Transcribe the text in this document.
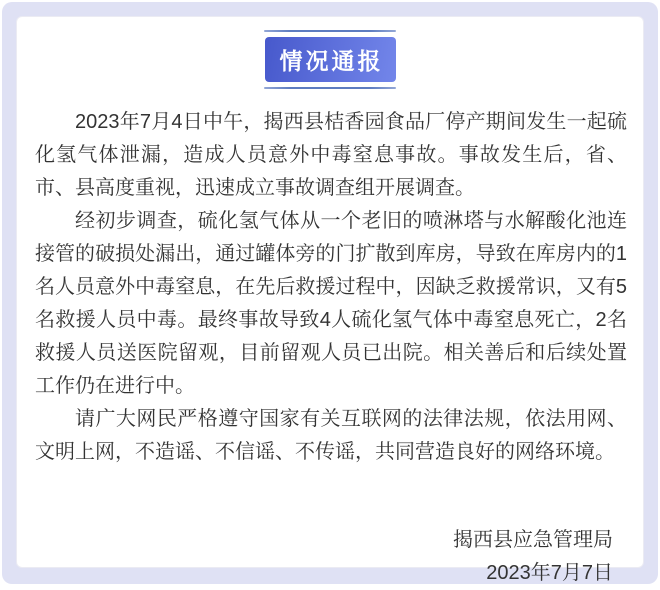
情况通报

2023年7月4日中午，揭西县桔香园食品厂停产期间发生一起硫化氢气体泄漏，造成人员意外中毒窒息事故。事故发生后，省、市、县高度重视，迅速成立事故调查组开展调查。

经初步调查，硫化氢气体从一个老旧的喷淋塔与水解酸化池连接管的破损处漏出，通过罐体旁的门扩散到库房，导致在库房内的1名人员意外中毒窒息，在先后救援过程中，因缺乏救援常识，又有5名救援人员中毒。最终事故导致4人硫化氢气体中毒窒息死亡，2名救援人员送医院留观，目前留观人员已出院。相关善后和后续处置工作仍在进行中。

请广大网民严格遵守国家有关互联网的法律法规，依法用网、文明上网，不造谣、不信谣、不传谣，共同营造良好的网络环境。

揭西县应急管理局

2023年7月7日
